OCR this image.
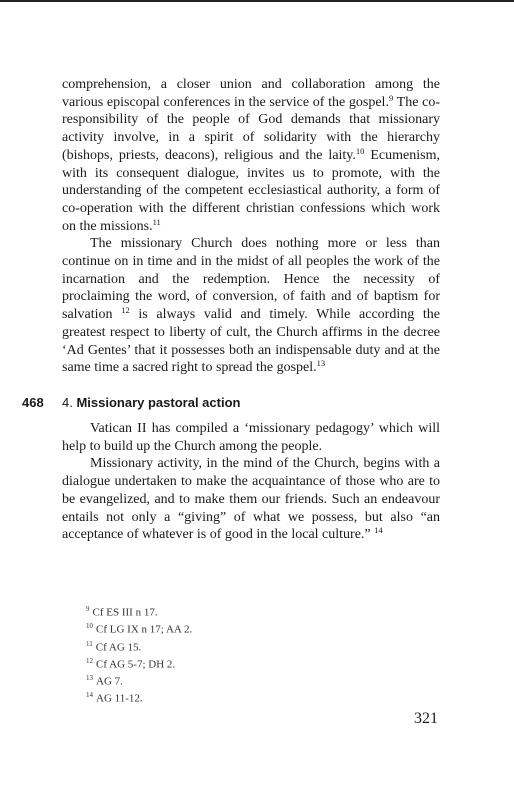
comprehension, a closer union and collaboration among the various episcopal conferences in the service of the gospel.$^9$ The co-responsibility of the people of God demands that missionary activity involve, in a spirit of solidarity with the hierarchy (bishops, priests, deacons), religious and the laity.$^{10}$ Ecumenism, with its consequent dialogue, invites us to promote, with the understanding of the competent ecclesiastical authority, a form of co-operation with the different christian confessions which work on the missions.$^{11}$

The missionary Church does nothing more or less than continue on in time and in the midst of all peoples the work of the incarnation and the redemption. Hence the necessity of proclaiming the word, of conversion, of faith and of baptism for salvation $^{12}$ is always valid and timely. While according the greatest respect to liberty of cult, the Church affirms in the decree ‘Ad Gentes’ that it possesses both an indispensable duty and at the same time a sacred right to spread the gospel.$^{13}$

468 4. Missionary pastoral action

Vatican II has compiled a ‘missionary pedagogy’ which will help to build up the Church among the people.

Missionary activity, in the mind of the Church, begins with a dialogue undertaken to make the acquaintance of those who are to be evangelized, and to make them our friends. Such an endeavour entails not only a “giving” of what we possess, but also “an acceptance of whatever is of good in the local culture.” $^{14}$

$^9$ Cf ES III n 17.
$^{10}$ Cf LG IX n 17; AA 2.
$^{11}$ Cf AG 15.
$^{12}$ Cf AG 5-7; DH 2.
$^{13}$ AG 7.
$^{14}$ AG 11-12.
321
